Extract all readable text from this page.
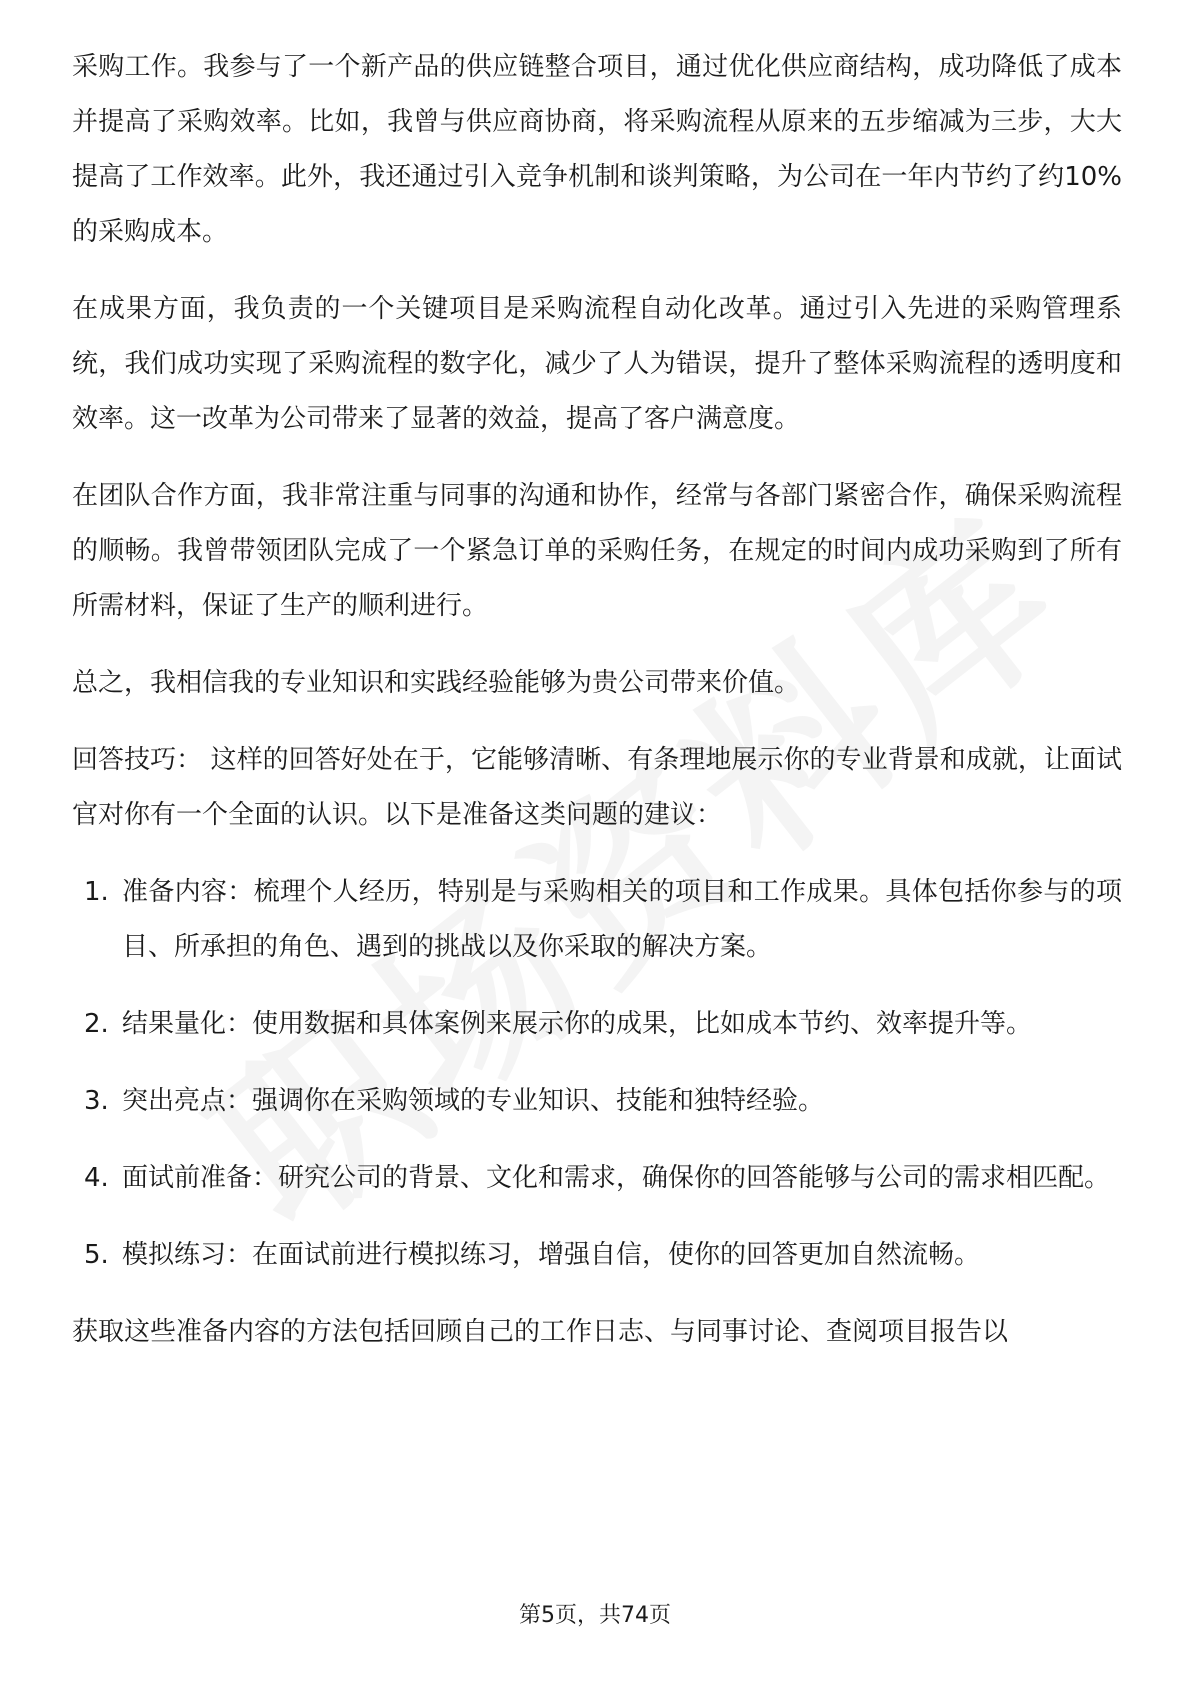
采购工作。我参与了一个新产品的供应链整合项目，通过优化供应商结构，成功降低了成本并提高了采购效率。比如，我曾与供应商协商，将采购流程从原来的五步缩减为三步，大大提高了工作效率。此外，我还通过引入竞争机制和谈判策略，为公司在一年内节约了约10%的采购成本。

在成果方面，我负责的一个关键项目是采购流程自动化改革。通过引入先进的采购管理系统，我们成功实现了采购流程的数字化，减少了人为错误，提升了整体采购流程的透明度和效率。这一改革为公司带来了显著的效益，提高了客户满意度。

在团队合作方面，我非常注重与同事的沟通和协作，经常与各部门紧密合作，确保采购流程的顺畅。我曾带领团队完成了一个紧急订单的采购任务，在规定的时间内成功采购到了所有所需材料，保证了生产的顺利进行。

总之，我相信我的专业知识和实践经验能够为贵公司带来价值。

回答技巧： 这样的回答好处在于，它能够清晰、有条理地展示你的专业背景和成就，让面试官对你有一个全面的认识。以下是准备这类问题的建议：

1. 准备内容：梳理个人经历，特别是与采购相关的项目和工作成果。具体包括你参与的项目、所承担的角色、遇到的挑战以及你采取的解决方案。
2. 结果量化：使用数据和具体案例来展示你的成果，比如成本节约、效率提升等。
3. 突出亮点：强调你在采购领域的专业知识、技能和独特经验。
4. 面试前准备：研究公司的背景、文化和需求，确保你的回答能够与公司的需求相匹配。
5. 模拟练习：在面试前进行模拟练习，增强自信，使你的回答更加自然流畅。

获取这些准备内容的方法包括回顾自己的工作日志、与同事讨论、查阅项目报告以

第5页，共74页
